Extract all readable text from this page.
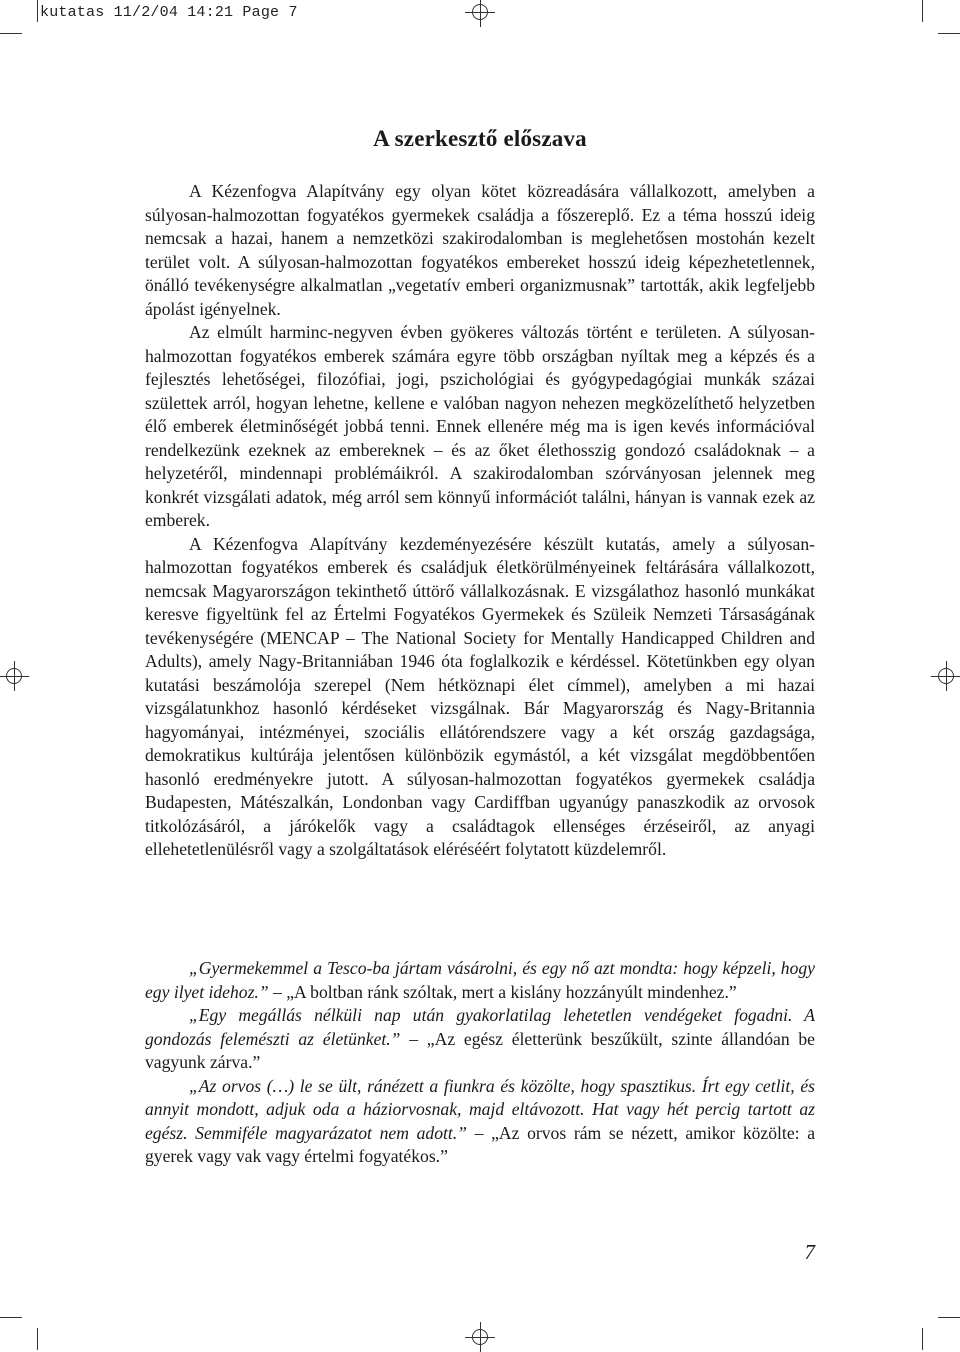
kutatas 11/2/04 14:21 Page 7
A szerkesztő előszava

A Kézenfogva Alapítvány egy olyan kötet közreadására vállalkozott, amelyben a súlyosan-halmozottan fogyatékos gyermekek családja a főszereplő. Ez a téma hosszú ideig nemcsak a hazai, hanem a nemzetközi szakirodalomban is meglehetősen mostohán kezelt terület volt. A súlyosan-halmozottan fogyatékos embereket hosszú ideig képezhetetlennek, önálló tevékenységre alkalmatlan „vegetatív emberi organizmusnak” tartották, akik legfeljebb ápolást igényelnek.

Az elmúlt harminc-negyven évben gyökeres változás történt e területen. A súlyosan-halmozottan fogyatékos emberek számára egyre több országban nyíltak meg a képzés és a fejlesztés lehetőségei, filozófiai, jogi, pszichológiai és gyógypedagógiai munkák százai születtek arról, hogyan lehetne, kellene e valóban nagyon nehezen megközelíthető helyzetben élő emberek életminőségét jobbá tenni. Ennek ellenére még ma is igen kevés információval rendelkezünk ezeknek az embereknek – és az őket élethosszig gondozó családoknak – a helyzetéről, mindennapi problémáikról. A szakirodalomban szórványosan jelennek meg konkrét vizsgálati adatok, még arról sem könnyű információt találni, hányan is vannak ezek az emberek.

A Kézenfogva Alapítvány kezdeményezésére készült kutatás, amely a súlyosan-halmozottan fogyatékos emberek és családjuk életkörülményeinek feltárására vállalkozott, nemcsak Magyarországon tekinthető úttörő vállalkozásnak. E vizsgálathoz hasonló munkákat keresve figyeltünk fel az Értelmi Fogyatékos Gyermekek és Szüleik Nemzeti Társaságának tevékenységére (MENCAP – The National Society for Mentally Handicapped Children and Adults), amely Nagy-Britanniában 1946 óta foglalkozik e kérdéssel. Kötetünkben egy olyan kutatási beszámolója szerepel (Nem hétköznapi élet címmel), amelyben a mi hazai vizsgálatunkhoz hasonló kérdéseket vizsgálnak. Bár Magyarország és Nagy-Britannia hagyományai, intézményei, szociális ellátórendszere vagy a két ország gazdagsága, demokratikus kultúrája jelentősen különbözik egymástól, a két vizsgálat megdöbbentően hasonló eredményekre jutott. A súlyosan-halmozottan fogyatékos gyermekek családja Budapesten, Mátészalkán, Londonban vagy Cardiffban ugyanúgy panaszkodik az orvosok titkolózásáról, a járókelők vagy a családtagok ellenséges érzéseiről, az anyagi ellehetetlenülésről vagy a szolgáltatások eléréséért folytatott küzdelemről.

„Gyermekemmel a Tesco-ba jártam vásárolni, és egy nő azt mondta: hogy képzeli, hogy egy ilyet idehoz.” – „A boltban ránk szóltak, mert a kislány hozzányúlt mindenhez.”

„Egy megállás nélküli nap után gyakorlatilag lehetetlen vendégeket fogadni. A gondozás felemészti az életünket.” – „Az egész életterünk beszűkült, szinte állandóan be vagyunk zárva.”

„Az orvos (…) le se ült, ránézett a fiunkra és közölte, hogy spasztikus. Írt egy cetlit, és annyit mondott, adjuk oda a háziorvosnak, majd eltávozott. Hat vagy hét percig tartott az egész. Semmiféle magyarázatot nem adott.” – „Az orvos rám se nézett, amikor közölte: a gyerek vagy vak vagy értelmi fogyatékos.”

7
